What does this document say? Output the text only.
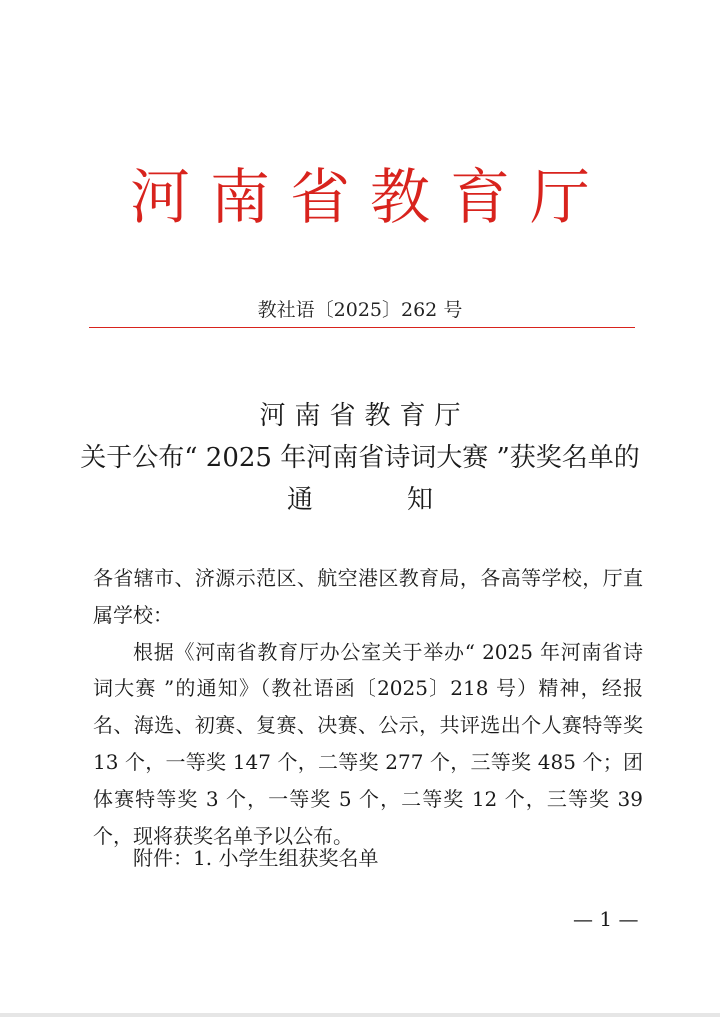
河南省教育厅
教社语〔2025〕262 号
河南省教育厅
关于公布“ 2025 年河南省诗词大赛 ”获奖名单的
通知

各省辖市、济源示范区、航空港区教育局，各高等学校，厅直属学校：

根据《河南省教育厅办公室关于举办“ 2025 年河南省诗词大赛 ”的通知》（教社语函〔2025〕218 号）精神，经报名、海选、初赛、复赛、决赛、公示，共评选出个人赛特等奖 13 个，一等奖 147 个，二等奖 277 个，三等奖 485 个；团体赛特等奖 3 个，一等奖 5 个，二等奖 12 个，三等奖 39 个，现将获奖名单予以公布。

附件：1. 小学生组获奖名单
— 1 —
